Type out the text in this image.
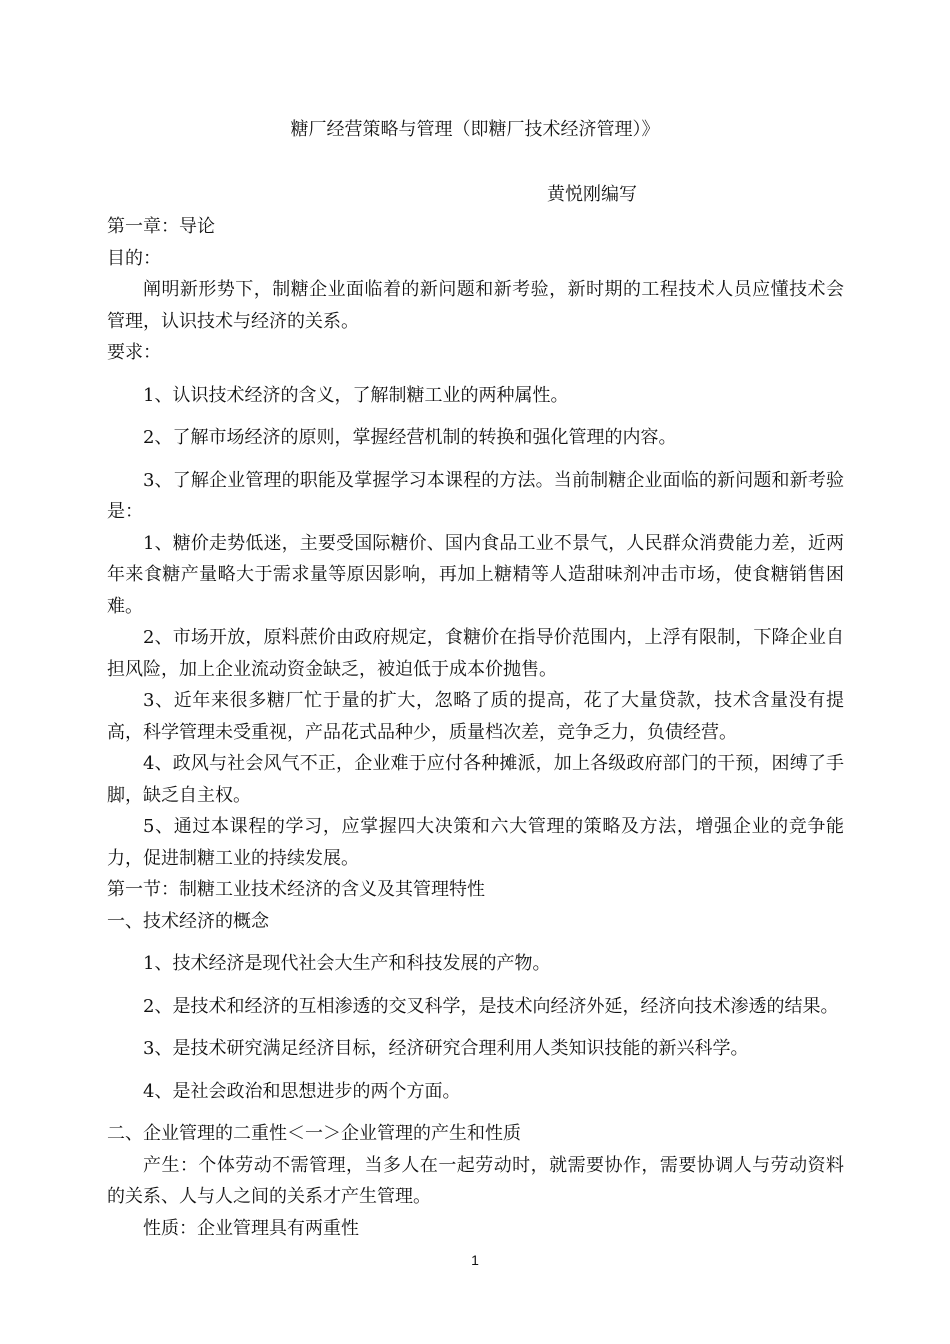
糖厂经营策略与管理（即糖厂技术经济管理）》
黄悦刚编写

第一章：导论

目的：

阐明新形势下，制糖企业面临着的新问题和新考验，新时期的工程技术人员应懂技术会管理，认识技术与经济的关系。

要求：

1、认识技术经济的含义，了解制糖工业的两种属性。

2、了解市场经济的原则，掌握经营机制的转换和强化管理的内容。

3、了解企业管理的职能及掌握学习本课程的方法。当前制糖企业面临的新问题和新考验是：

1、糖价走势低迷，主要受国际糖价、国内食品工业不景气，人民群众消费能力差，近两年来食糖产量略大于需求量等原因影响，再加上糖精等人造甜味剂冲击市场，使食糖销售困难。

2、市场开放，原料蔗价由政府规定，食糖价在指导价范围内，上浮有限制，下降企业自担风险，加上企业流动资金缺乏，被迫低于成本价抛售。

3、近年来很多糖厂忙于量的扩大，忽略了质的提高，花了大量贷款，技术含量没有提高，科学管理未受重视，产品花式品种少，质量档次差，竞争乏力，负债经营。

4、政风与社会风气不正，企业难于应付各种摊派，加上各级政府部门的干预，困缚了手脚，缺乏自主权。

5、通过本课程的学习，应掌握四大决策和六大管理的策略及方法，增强企业的竞争能力，促进制糖工业的持续发展。

第一节：制糖工业技术经济的含义及其管理特性

一、技术经济的概念

1、技术经济是现代社会大生产和科技发展的产物。

2、是技术和经济的互相渗透的交叉科学，是技术向经济外延，经济向技术渗透的结果。

3、是技术研究满足经济目标，经济研究合理利用人类知识技能的新兴科学。

4、是社会政治和思想进步的两个方面。

二、企业管理的二重性＜一＞企业管理的产生和性质

产生：个体劳动不需管理，当多人在一起劳动时，就需要协作，需要协调人与劳动资料的关系、人与人之间的关系才产生管理。

性质：企业管理具有两重性

1
